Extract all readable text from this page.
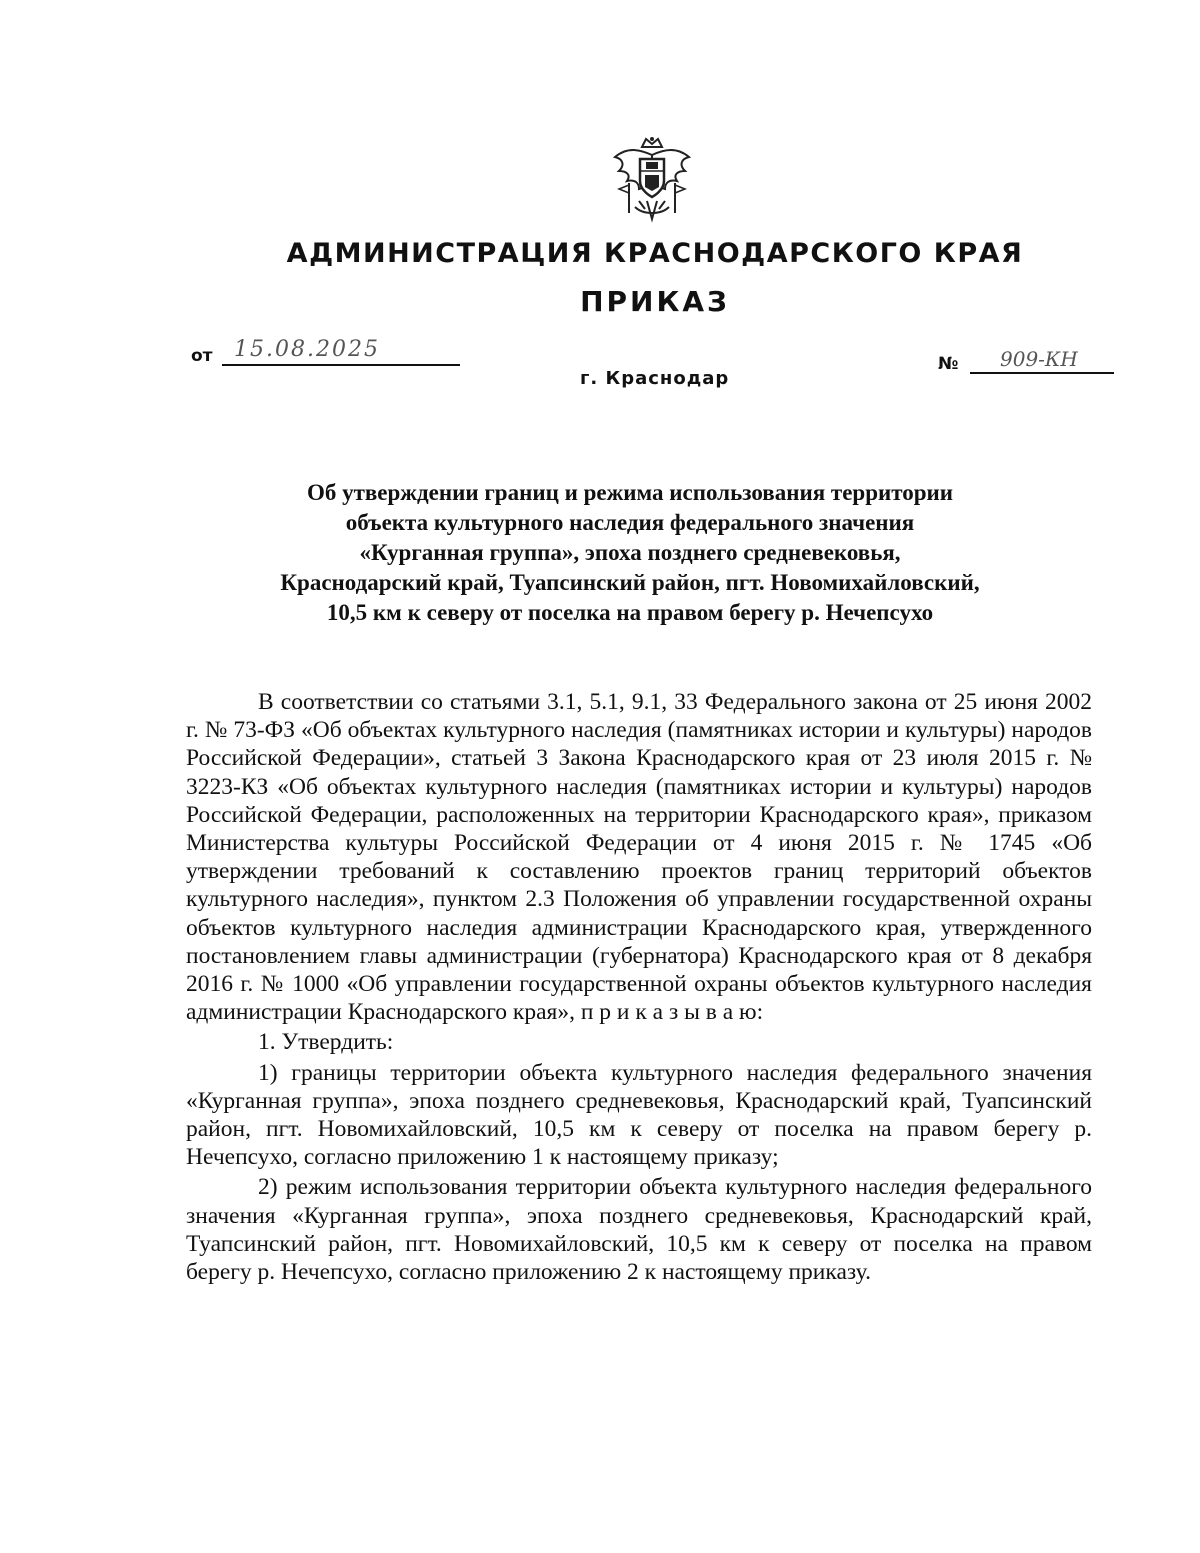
АДМИНИСТРАЦИЯ КРАСНОДАРСКОГО КРАЯ
ПРИКАЗ
от 15.08.2025
г. Краснодар
№ 909-КН
Об утверждении границ и режима использования территории
объекта культурного наследия федерального значения
«Курганная группа», эпоха позднего средневековья,
Краснодарский край, Туапсинский район, пгт. Новомихайловский,
10,5 км к северу от поселка на правом берегу р. Нечепсухо

В соответствии со статьями 3.1, 5.1, 9.1, 33 Федерального закона от 25 июня 2002 г. № 73-ФЗ «Об объектах культурного наследия (памятниках истории и культуры) народов Российской Федерации», статьей 3 Закона Краснодарского края от 23 июля 2015 г. № 3223-КЗ «Об объектах культурного наследия (памятниках истории и культуры) народов Российской Федерации, расположенных на территории Краснодарского края», приказом Министерства культуры Российской Федерации от 4 июня 2015 г. № 1745 «Об утверждении требований к составлению проектов границ территорий объектов культурного наследия», пунктом 2.3 Положения об управлении государственной охраны объектов культурного наследия администрации Краснодарского края, утвержденного постановлением главы администрации (губернатора) Краснодарского края от 8 декабря 2016 г. № 1000 «Об управлении государственной охраны объектов культурного наследия администрации Краснодарского края», п р и к а з ы в а ю:

1. Утвердить:

1) границы территории объекта культурного наследия федерального значения «Курганная группа», эпоха позднего средневековья, Краснодарский край, Туапсинский район, пгт. Новомихайловский, 10,5 км к северу от поселка на правом берегу р. Нечепсухо, согласно приложению 1 к настоящему приказу;

2) режим использования территории объекта культурного наследия федерального значения «Курганная группа», эпоха позднего средневековья, Краснодарский край, Туапсинский район, пгт. Новомихайловский, 10,5 км к северу от поселка на правом берегу р. Нечепсухо, согласно приложению 2 к настоящему приказу.
